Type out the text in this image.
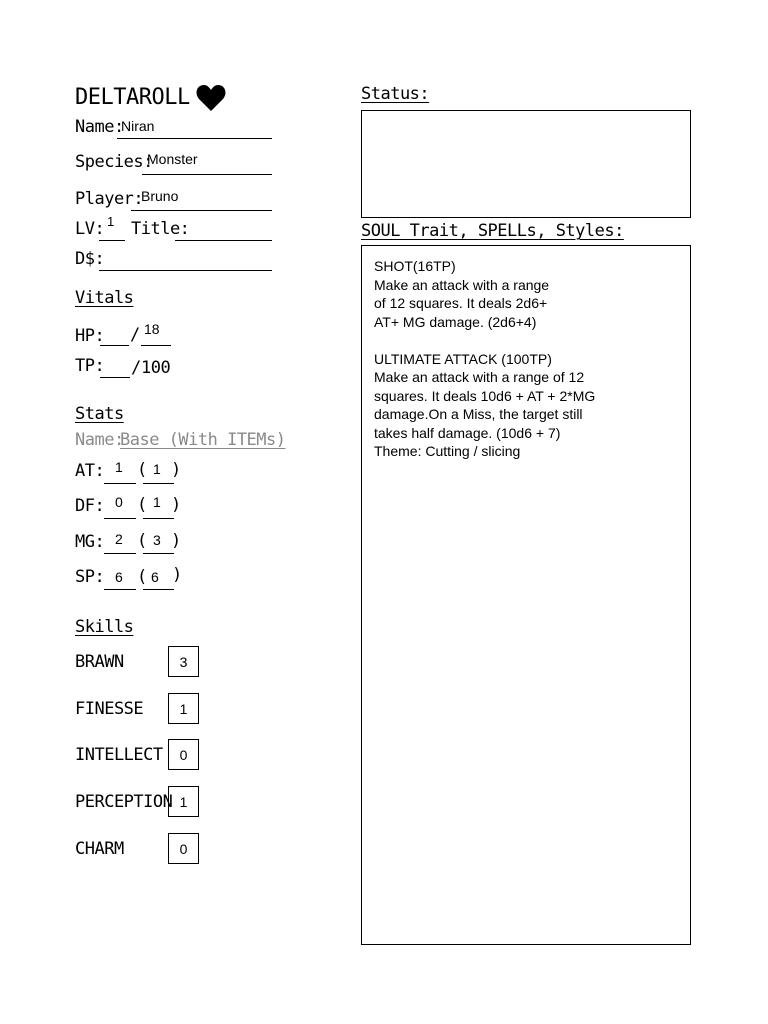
DELTAROLL
Name:
Niran
Species:
Monster
Player:
Bruno
LV: 1 Title:
D$:
Vitals
HP: / 18
TP: / 100
Stats
Name:
Base (With ITEMs)
AT: 1 ( 1 )
DF: 0 ( 1 )
MG: 2 ( 3 )
SP: 6 ( 6 )
Skills
BRAWN	3
FINESSE	1
INTELLECT	0
PERCEPTION 1
CHARM	0
Status:
SOUL Trait, SPELLs, Styles:
SHOT(16TP)
Make an attack with a range
of 12 squares. It deals 2d6+
AT+ MG damage. (2d6+4)

ULTIMATE ATTACK (100TP)
Make an attack with a range of 12
squares. It deals 10d6 + AT + 2*MG
damage.On a Miss, the target still
takes half damage. (10d6 + 7)
Theme: Cutting / slicing
